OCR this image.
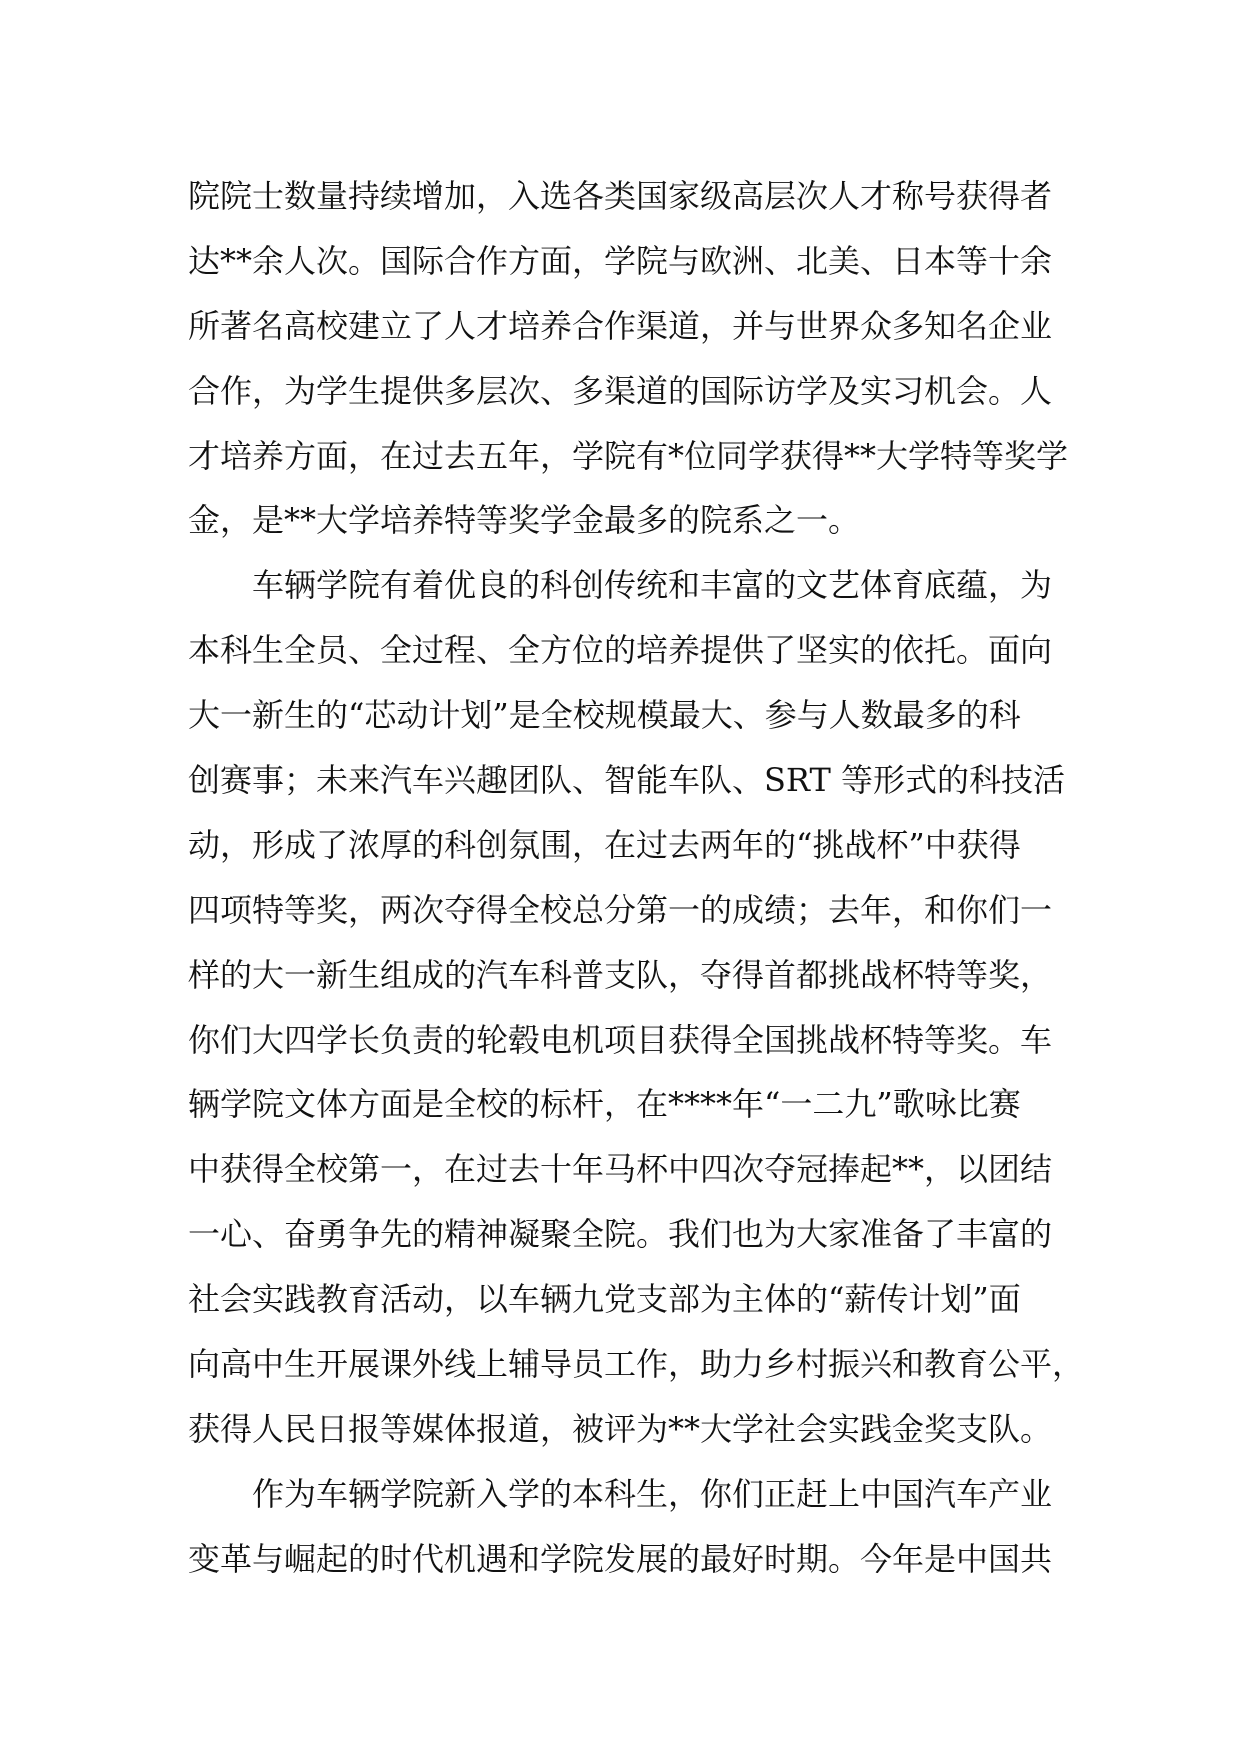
院院士数量持续增加，入选各类国家级高层次人才称号获得者
达**余人次。国际合作方面，学院与欧洲、北美、日本等十余
所著名高校建立了人才培养合作渠道，并与世界众多知名企业
合作，为学生提供多层次、多渠道的国际访学及实习机会。人
才培养方面，在过去五年，学院有*位同学获得**大学特等奖学
金，是**大学培养特等奖学金最多的院系之一。
车辆学院有着优良的科创传统和丰富的文艺体育底蕴，为
本科生全员、全过程、全方位的培养提供了坚实的依托。面向
大一新生的“芯动计划”是全校规模最大、参与人数最多的科
创赛事；未来汽车兴趣团队、智能车队、SRT 等形式的科技活
动，形成了浓厚的科创氛围，在过去两年的“挑战杯”中获得
四项特等奖，两次夺得全校总分第一的成绩；去年，和你们一
样的大一新生组成的汽车科普支队，夺得首都挑战杯特等奖，
你们大四学长负责的轮毂电机项目获得全国挑战杯特等奖。车
辆学院文体方面是全校的标杆，在****年“一二九”歌咏比赛
中获得全校第一，在过去十年马杯中四次夺冠捧起**，以团结
一心、奋勇争先的精神凝聚全院。我们也为大家准备了丰富的
社会实践教育活动，以车辆九党支部为主体的“薪传计划”面
向高中生开展课外线上辅导员工作，助力乡村振兴和教育公平，
获得人民日报等媒体报道，被评为**大学社会实践金奖支队。
作为车辆学院新入学的本科生，你们正赶上中国汽车产业
变革与崛起的时代机遇和学院发展的最好时期。今年是中国共
